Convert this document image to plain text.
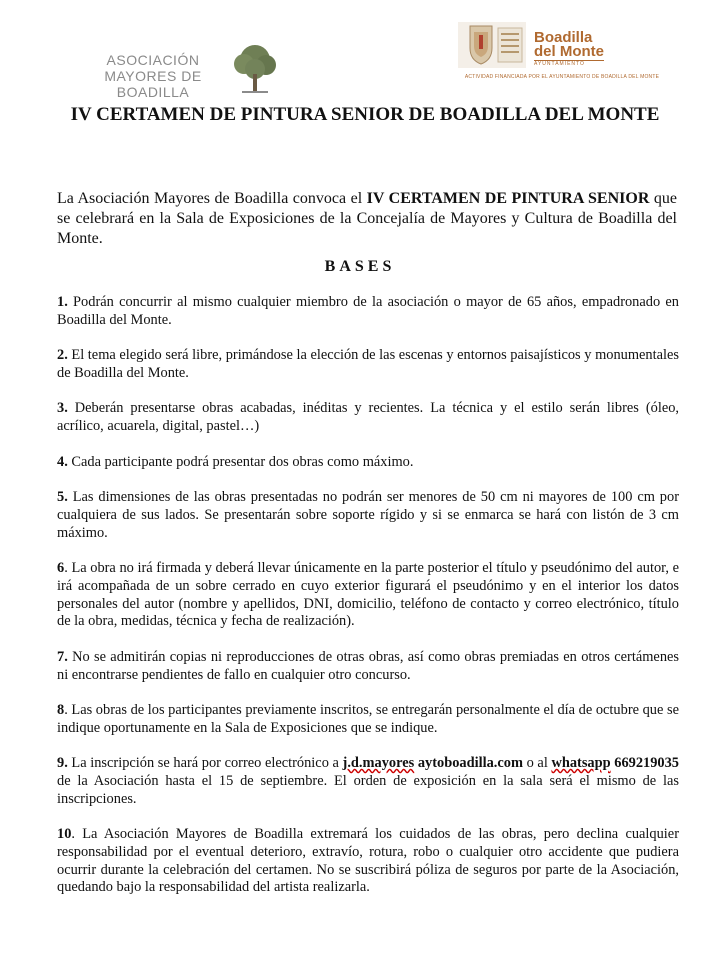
ASOCIACIÓN
MAYORES DE BOADILLA
Boadilla
del Monte
AYUNTAMIENTO
ACTIVIDAD FINANCIADA POR EL AYUNTAMIENTO DE BOADILLA DEL MONTE
IV CERTAMEN DE PINTURA SENIOR DE BOADILLA DEL MONTE

La Asociación Mayores de Boadilla convoca el IV CERTAMEN DE PINTURA SENIOR que se celebrará en la Sala de Exposiciones de la Concejalía de Mayores y Cultura de Boadilla del Monte.

BASES

1. Podrán concurrir al mismo cualquier miembro de la asociación o mayor de 65 años, empadronado en Boadilla del Monte.

2. El tema elegido será libre, primándose la elección de las escenas y entornos paisajísticos y monumentales de Boadilla del Monte.

3. Deberán presentarse obras acabadas, inéditas y recientes. La técnica y el estilo serán libres (óleo, acrílico, acuarela, digital, pastel…)

4. Cada participante podrá presentar dos obras como máximo.

5. Las dimensiones de las obras presentadas no podrán ser menores de 50 cm ni mayores de 100 cm por cualquiera de sus lados. Se presentarán sobre soporte rígido y si se enmarca se hará con listón de 3 cm máximo.

6. La obra no irá firmada y deberá llevar únicamente en la parte posterior el título y pseudónimo del autor, e irá acompañada de un sobre cerrado en cuyo exterior figurará el pseudónimo y en el interior los datos personales del autor (nombre y apellidos, DNI, domicilio, teléfono de contacto y correo electrónico, título de la obra, medidas, técnica y fecha de realización).

7. No se admitirán copias ni reproducciones de otras obras, así como obras premiadas en otros certámenes ni encontrarse pendientes de fallo en cualquier otro concurso.

8. Las obras de los participantes previamente inscritos, se entregarán personalmente el día de octubre que se indique oportunamente en la Sala de Exposiciones que se indique.

9. La inscripción se hará por correo electrónico a j.d.mayores aytoboadilla.com o al whatsapp 669219035 de la Asociación hasta el 15 de septiembre. El orden de exposición en la sala será el mismo de las inscripciones.

10. La Asociación Mayores de Boadilla extremará los cuidados de las obras, pero declina cualquier responsabilidad por el eventual deterioro, extravío, rotura, robo o cualquier otro accidente que pudiera ocurrir durante la celebración del certamen. No se suscribirá póliza de seguros por parte de la Asociación, quedando bajo la responsabilidad del artista realizarla.
